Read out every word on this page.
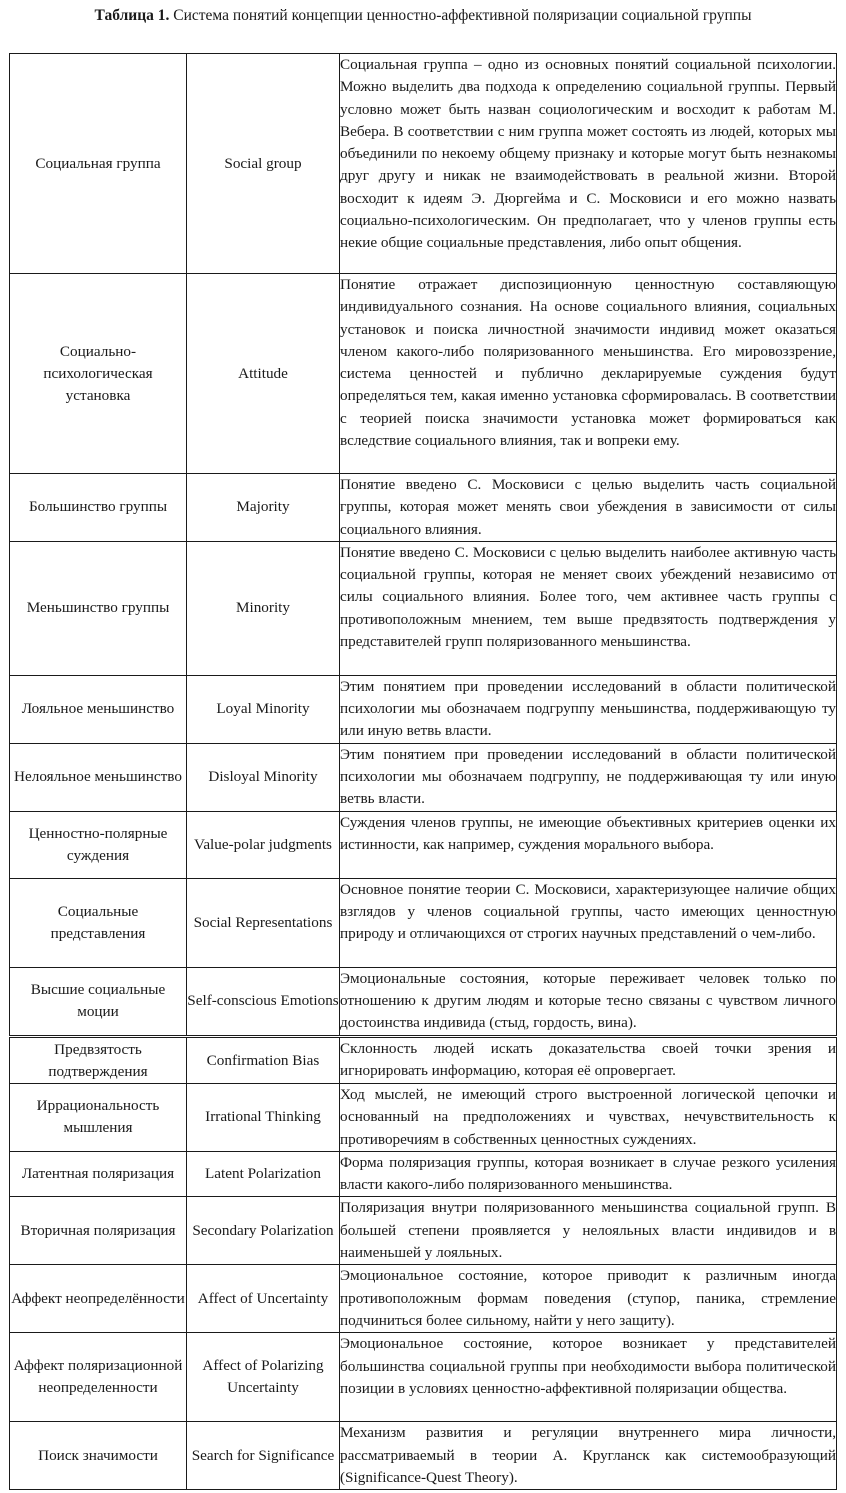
Таблица 1. Система понятий концепции ценностно-аффективной поляризации социальной группы
Социальная группа	Social group	Социальная группа – одно из основных понятий социальной психологии. Можно выделить два подхода к определению социальной группы. Первый условно может быть назван социологическим и восходит к работам М. Вебера. В соответствии с ним группа может состоять из людей, которых мы объединили по некоему общему признаку и которые могут быть незнакомы друг другу и никак не взаимодействовать в реальной жизни. Второй восходит к идеям Э. Дюргейма и С. Московиси и его можно назвать социально-психологическим. Он предполагает, что у членов группы есть некие общие социальные представления, либо опыт общения.
Социально-психологическая установка	Attitude	Понятие отражает диспозиционную ценностную составляющую индивидуального сознания. На основе социального влияния, социальных установок и поиска личностной значимости индивид может оказаться членом какого-либо поляризованного меньшинства. Его мировоззрение, система ценностей и публично декларируемые суждения будут определяться тем, какая именно установка сформировалась. В соответствии с теорией поиска значимости установка может формироваться как вследствие социального влияния, так и вопреки ему.
Большинство группы	Majority	Понятие введено С. Московиси с целью выделить часть социальной группы, которая может менять свои убеждения в зависимости от силы социального влияния.
Меньшинство группы	Minority	Понятие введено С. Московиси с целью выделить наиболее активную часть социальной группы, которая не меняет своих убеждений независимо от силы социального влияния. Более того, чем активнее часть группы с противоположным мнением, тем выше предвзятость подтверждения у представителей групп поляризованного меньшинства.
Лояльное меньшинство	Loyal Minority	Этим понятием при проведении исследований в области политической психологии мы обозначаем подгруппу меньшинства, поддерживающую ту или иную ветвь власти.
Нелояльное меньшинство	Disloyal Minority	Этим понятием при проведении исследований в области политической психологии мы обозначаем подгруппу, не поддерживающая ту или иную ветвь власти.
Ценностно-полярные суждения	Value-polar judgments	Суждения членов группы, не имеющие объективных критериев оценки их истинности, как например, суждения морального выбора.
Социальные представления	Social Representations	Основное понятие теории С. Московиси, характеризующее наличие общих взглядов у членов социальной группы, часто имеющих ценностную природу и отличающихся от строгих научных представлений о чем-либо.
Высшие социальные моции	Self-conscious Emotions	Эмоциональные состояния, которые переживает человек только по отношению к другим людям и которые тесно связаны с чувством личного достоинства индивида (стыд, гордость, вина).
Предвзятость подтверждения	Confirmation Bias	Склонность людей искать доказательства своей точки зрения и игнорировать информацию, которая её опровергает.
Иррациональность мышления	Irrational Thinking	Ход мыслей, не имеющий строго выстроенной логической цепочки и основанный на предположениях и чувствах, нечувствительность к противоречиям в собственных ценностных суждениях.
Латентная поляризация	Latent Polarization	Форма поляризация группы, которая возникает в случае резкого усиления власти какого-либо поляризованного меньшинства.
Вторичная поляризация	Secondary Polarization	Поляризация внутри поляризованного меньшинства социальной групп. В большей степени проявляется у нелояльных власти индивидов и в наименьшей у лояльных.
Аффект неопределённости	Affect of Uncertainty	Эмоциональное состояние, которое приводит к различным иногда противоположным формам поведения (ступор, паника, стремление подчиниться более сильному, найти у него защиту).
Аффект поляризационной неопределенности	Affect of Polarizing Uncertainty	Эмоциональное состояние, которое возникает у представителей большинства социальной группы при необходимости выбора политической позиции в условиях ценностно-аффективной поляризации общества.
Поиск значимости	Search for Significance	Механизм развития и регуляции внутреннего мира личности, рассматриваемый в теории А. Кругланск как системообразующий (Significance-Quest Theory).
